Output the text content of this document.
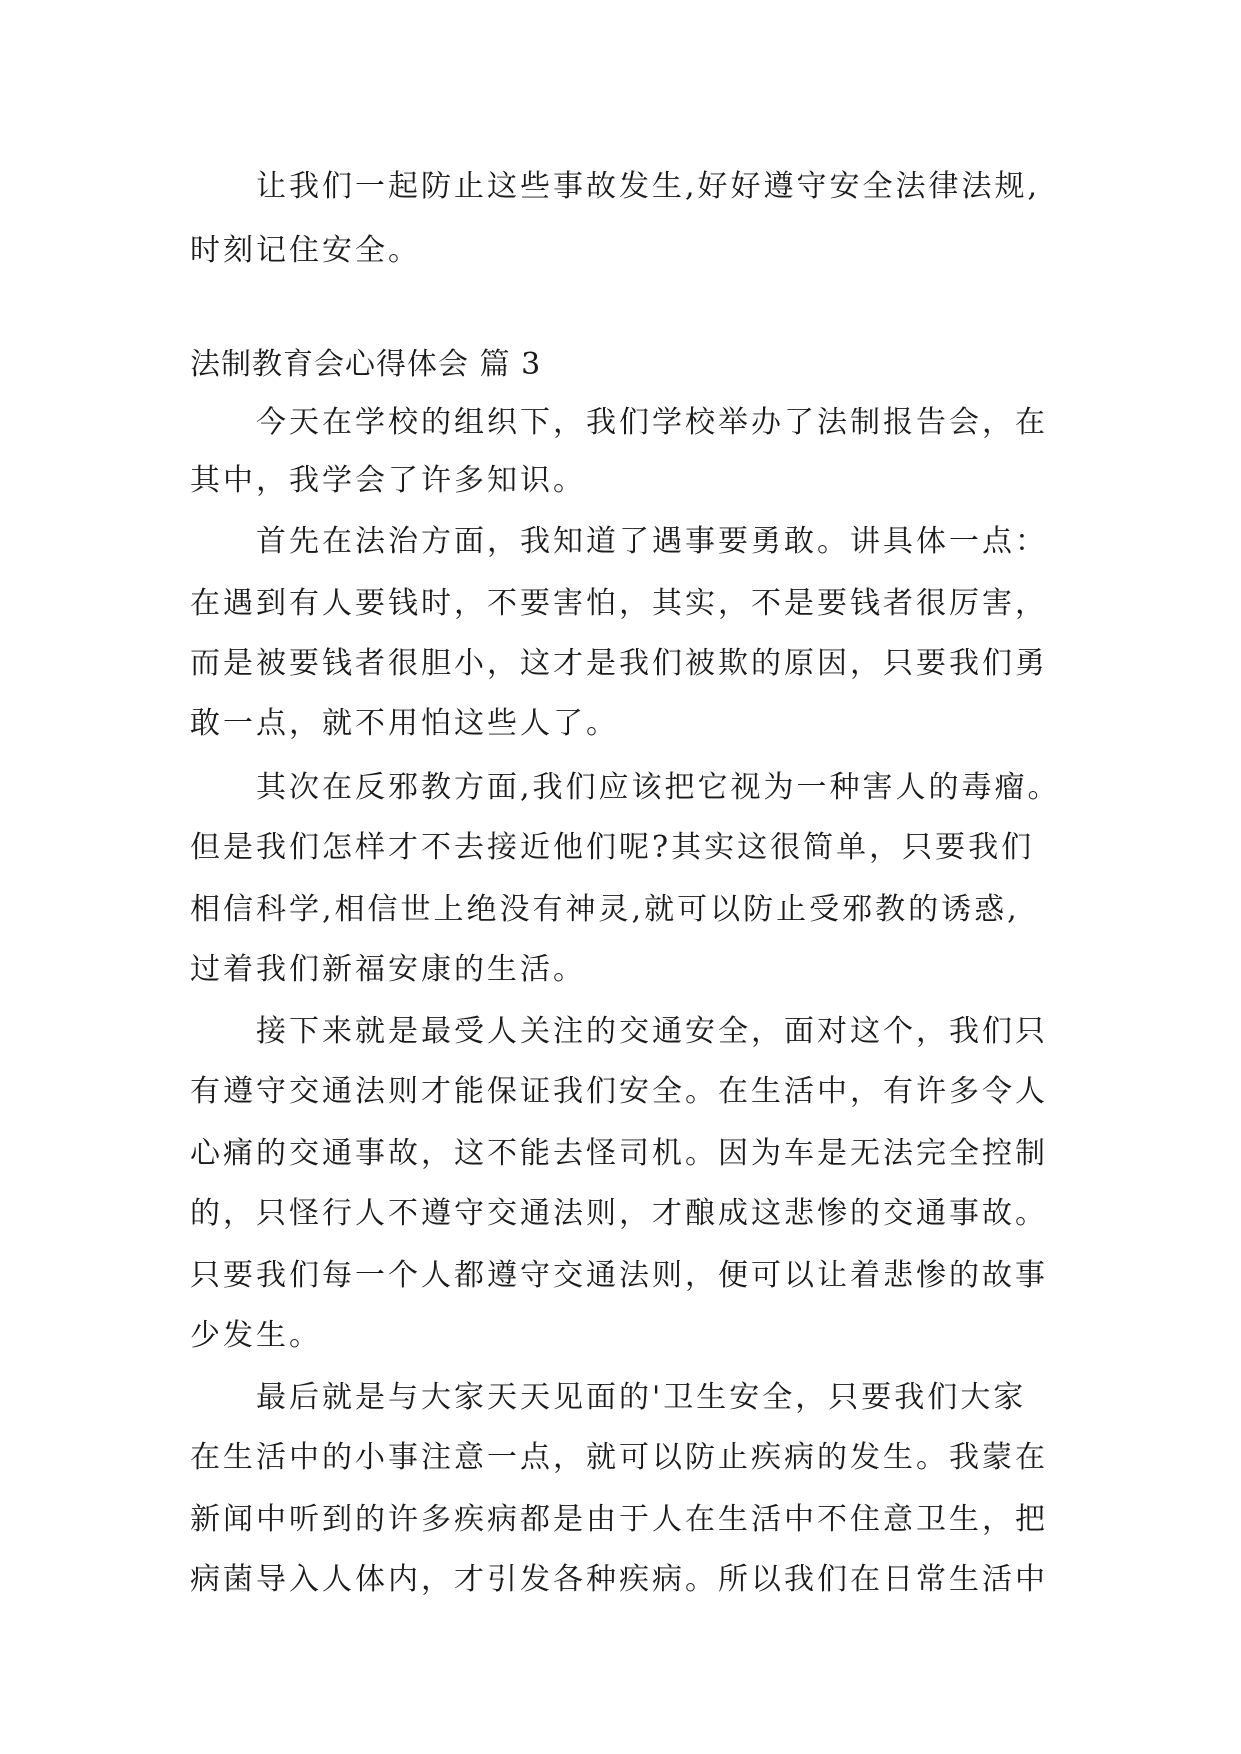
让我们一起防止这些事故发生,好好遵守安全法律法规,
时刻记住安全。
法制教育会心得体会 篇 3
今天在学校的组织下，我们学校举办了法制报告会，在
其中，我学会了许多知识。
首先在法治方面，我知道了遇事要勇敢。讲具体一点：
在遇到有人要钱时，不要害怕，其实，不是要钱者很厉害，
而是被要钱者很胆小，这才是我们被欺的原因，只要我们勇
敢一点，就不用怕这些人了。
其次在反邪教方面,我们应该把它视为一种害人的毒瘤。
但是我们怎样才不去接近他们呢?其实这很简单，只要我们
相信科学,相信世上绝没有神灵,就可以防止受邪教的诱惑,
过着我们新福安康的生活。
接下来就是最受人关注的交通安全，面对这个，我们只
有遵守交通法则才能保证我们安全。在生活中，有许多令人
心痛的交通事故，这不能去怪司机。因为车是无法完全控制
的，只怪行人不遵守交通法则，才酿成这悲惨的交通事故。
只要我们每一个人都遵守交通法则，便可以让着悲惨的故事
少发生。
最后就是与大家天天见面的'卫生安全，只要我们大家
在生活中的小事注意一点，就可以防止疾病的发生。我蒙在
新闻中听到的许多疾病都是由于人在生活中不住意卫生，把
病菌导入人体内，才引发各种疾病。所以我们在日常生活中
